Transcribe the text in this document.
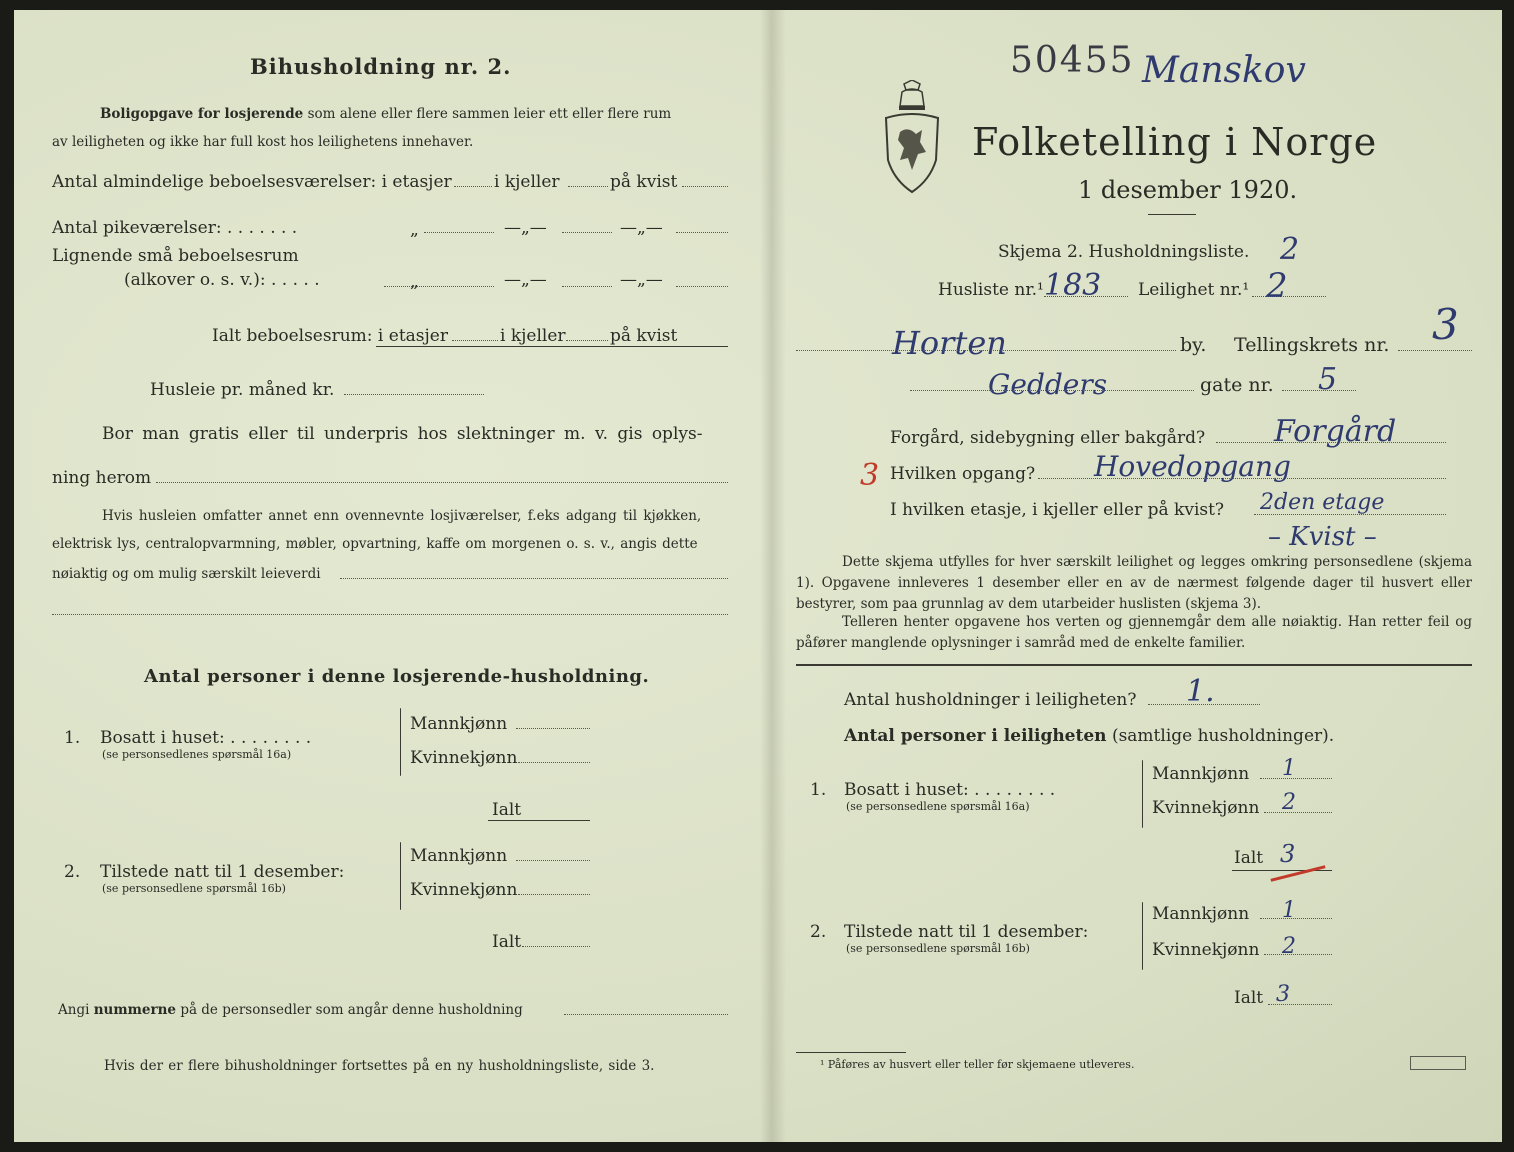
Bihusholdning nr. 2.
Boligopgave for losjerende som alene eller flere sammen leier ett eller flere rum
av leiligheten og ikke har full kost hos leilighetens innehaver.
Antal almindelige beboelsesværelser: i etasjer i kjeller	på kvist
Antal pikeværelser: . . . . . . .	„	—„—	—„—
Lignende små beboelsesrum
(alkover o. s. v.): . . . . .	„	—„—	—„—
Ialt beboelsesrum: i etasjer	i kjeller	på kvist
Husleie pr. måned kr.
Bor man gratis eller til underpris hos slektninger m. v. gis oplys-
ning herom
Hvis husleien omfatter annet enn ovennevnte losjiværelser, f.eks adgang til kjøkken,
elektrisk lys, centralopvarmning, møbler, opvartning, kaffe om morgenen o. s. v., angis dette
nøiaktig og om mulig særskilt leieverdi
Antal personer i denne losjerende-husholdning.
1. Bosatt i huset: . . . . . . . .
(se personsedlenes spørsmål 16a)
Mannkjønn
Kvinnekjønn
Ialt
2. Tilstede natt til 1 desember:
(se personsedlene spørsmål 16b)
Mannkjønn
Kvinnekjønn
Ialt
Angi nummerne på de personsedler som angår denne husholdning
Hvis der er flere bihusholdninger fortsettes på en ny husholdningsliste, side 3.
50455 Manskov
Folketelling i Norge
1 desember 1920.
Skjema 2. Husholdningsliste. 2
Husliste nr.¹ 183 Leilighet nr.¹ 2
Horten	by. Tellingskrets nr. 3
Gedders	gate nr. 5
Forgård, sidebygning eller bakgård? Forgård
3 Hvilken opgang? Hovedopgang
I hvilken etasje, i kjeller eller på kvist? 2den etage
– Kvist –
Dette skjema utfylles for hver særskilt leilighet og legges omkring personsedlene (skjema 1). Opgavene innleveres 1 desember eller en av de nærmest følgende dager til husvert eller bestyrer, som paa grunnlag av dem utarbeider huslisten (skjema 3).
Telleren henter opgavene hos verten og gjennemgår dem alle nøiaktig. Han retter feil og påfører manglende oplysninger i samråd med de enkelte familier.
Antal husholdninger i leiligheten? 1.
Antal personer i leiligheten (samtlige husholdninger).
1. Bosatt i huset: . . . . . . . .
(se personsedlene spørsmål 16a)
Mannkjønn 1
Kvinnekjønn 2
Ialt 3
2. Tilstede natt til 1 desember:
(se personsedlene spørsmål 16b)
Mannkjønn 1
Kvinnekjønn 2
Ialt 3
¹ Påføres av husvert eller teller før skjemaene utleveres.
